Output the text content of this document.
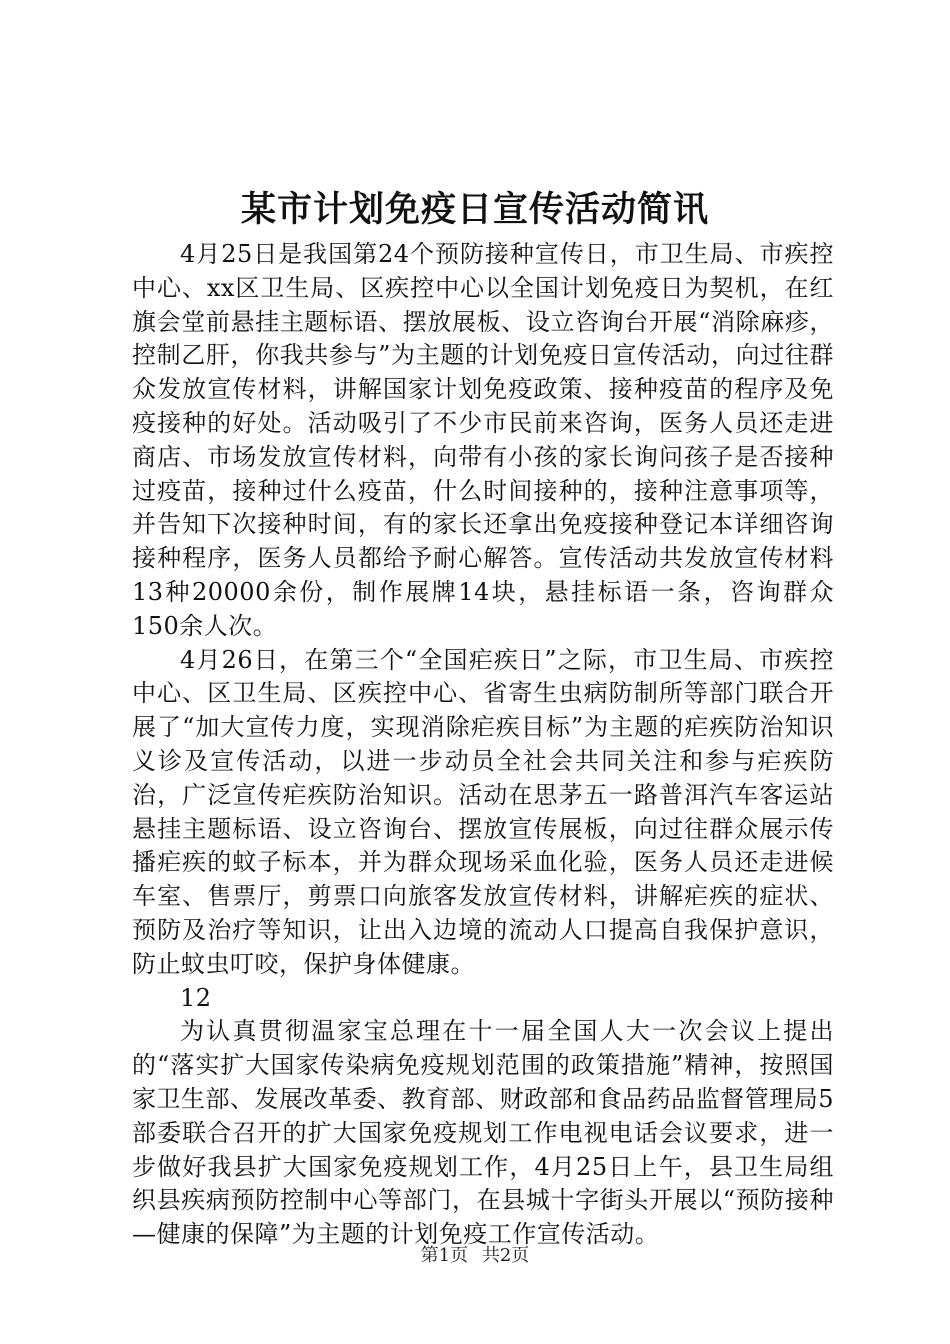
某市计划免疫日宣传活动简讯

4月25日是我国第24个预防接种宣传日，市卫生局、市疾控中心、xx区卫生局、区疾控中心以全国计划免疫日为契机，在红旗会堂前悬挂主题标语、摆放展板、设立咨询台开展“消除麻疹，控制乙肝，你我共参与”为主题的计划免疫日宣传活动，向过往群众发放宣传材料，讲解国家计划免疫政策、接种疫苗的程序及免疫接种的好处。活动吸引了不少市民前来咨询，医务人员还走进商店、市场发放宣传材料，向带有小孩的家长询问孩子是否接种过疫苗，接种过什么疫苗，什么时间接种的，接种注意事项等，并告知下次接种时间，有的家长还拿出免疫接种登记本详细咨询接种程序，医务人员都给予耐心解答。宣传活动共发放宣传材料13种20000余份，制作展牌14块，悬挂标语一条，咨询群众150余人次。

4月26日，在第三个“全国疟疾日”之际，市卫生局、市疾控中心、区卫生局、区疾控中心、省寄生虫病防制所等部门联合开展了“加大宣传力度，实现消除疟疾目标”为主题的疟疾防治知识义诊及宣传活动，以进一步动员全社会共同关注和参与疟疾防治，广泛宣传疟疾防治知识。活动在思茅五一路普洱汽车客运站悬挂主题标语、设立咨询台、摆放宣传展板，向过往群众展示传播疟疾的蚊子标本，并为群众现场采血化验，医务人员还走进候车室、售票厅，剪票口向旅客发放宣传材料，讲解疟疾的症状、预防及治疗等知识，让出入边境的流动人口提高自我保护意识，防止蚊虫叮咬，保护身体健康。

12

为认真贯彻温家宝总理在十一届全国人大一次会议上提出的“落实扩大国家传染病免疫规划范围的政策措施”精神，按照国家卫生部、发展改革委、教育部、财政部和食品药品监督管理局5部委联合召开的扩大国家免疫规划工作电视电话会议要求，进一步做好我县扩大国家免疫规划工作，4月25日上午，县卫生局组织县疾病预防控制中心等部门，在县城十字街头开展以“预防接种—健康的保障”为主题的计划免疫工作宣传活动。

第1页 共2页
